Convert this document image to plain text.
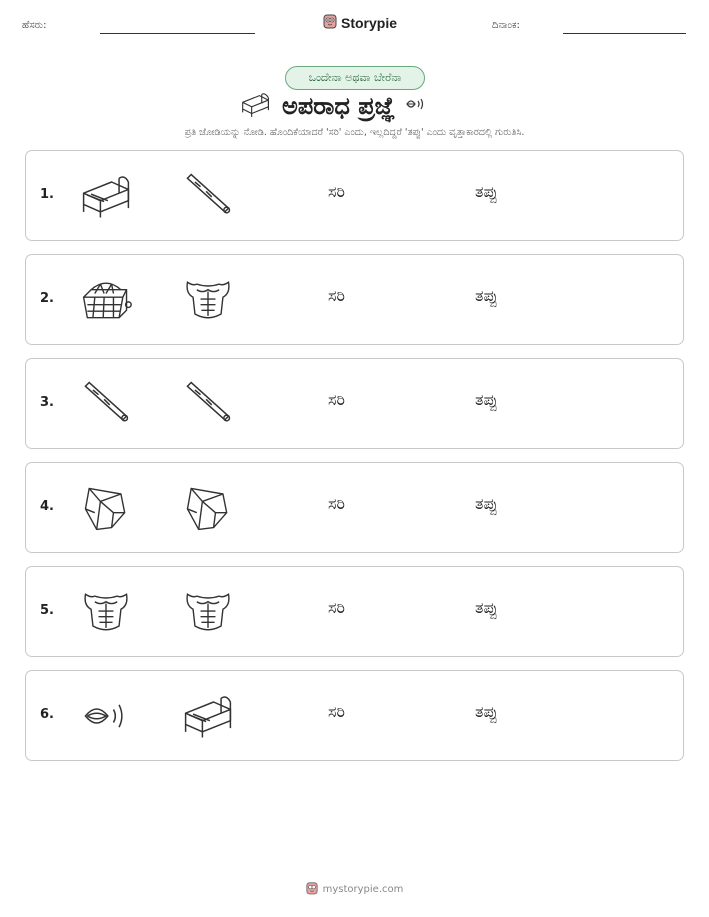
ಹೆಸರು:	Storypie	ದಿನಾಂಕ:
ಒಂದೇನಾ ಅಥವಾ ಬೇರೆನಾ
ಅಪರಾಧ ಪ್ರಜ್ಞೆ
ಪ್ರತಿ ಜೋಡಿಯನ್ನು ನೋಡಿ. ಹೊಂದಿಕೆಯಾದರೆ 'ಸರಿ' ಎಂದು, ಇಲ್ಲದಿದ್ದರೆ 'ತಪ್ಪು' ಎಂದು ವೃತ್ತಾಕಾರದಲ್ಲಿ ಗುರುತಿಸಿ.
1.	ಸರಿ	ತಪ್ಪು
2.	ಸರಿ	ತಪ್ಪು
3.	ಸರಿ	ತಪ್ಪು
4.	ಸರಿ	ತಪ್ಪು
5.	ಸರಿ	ತಪ್ಪು
6.	ಸರಿ	ತಪ್ಪು
mystorypie.com
